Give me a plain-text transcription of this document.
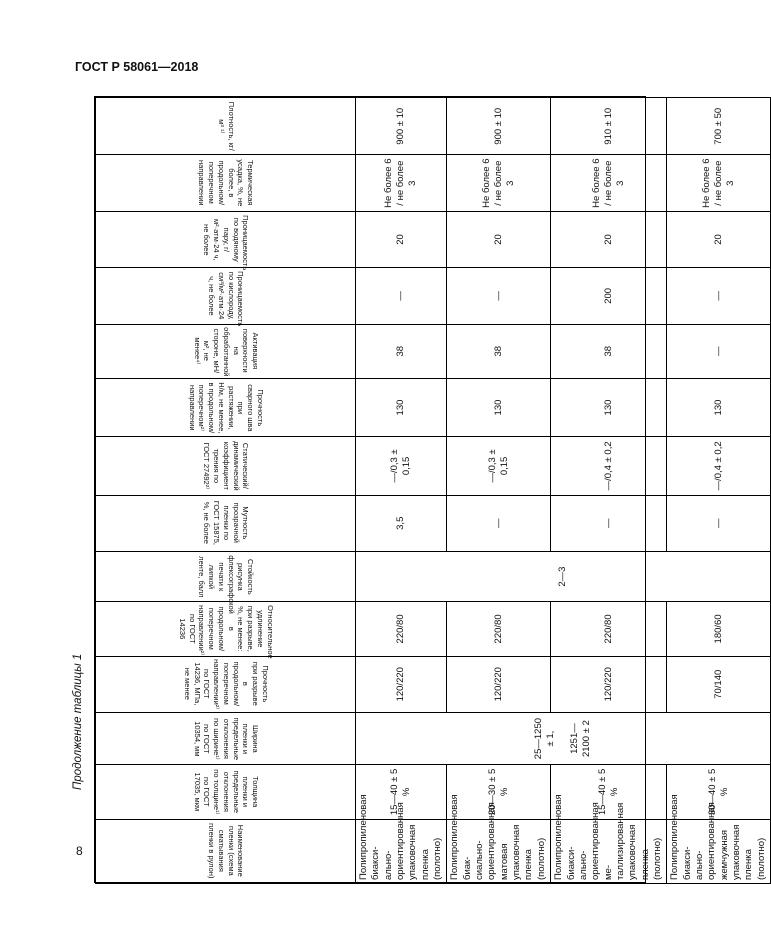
ГОСТ Р 58061—2018
Продолжение таблицы 1
8	Наименование пленки (схема сматывания пленки в рулон)	Толщина пленки и предельные отклонения по толщине¹⁾ по ГОСТ 17035, мкм	Ширина пленки и предельные отклонения по ширине¹⁾ по ГОСТ 10354, мм	Прочность при разрыве в продольном/поперечном направлении²⁾ по ГОСТ 14236, МПа, не менее	Относительное удлинение при разрыве, %, не менее: в продольном/поперечном направлении²⁾ по ГОСТ 14236	Стойкость рисунка флексографской печати к липкой ленте, балл	Мутность прозрачной пленки по ГОСТ 15875, %, не более	Статический/динамический коэффициент трения по ГОСТ 27492²⁾	Прочность сварного шва при растяжении, Н/м, не менее, в продольном/поперечном²⁾ направлении	Активация поверхности на обработанной стороне, мН/м², не менее⁴⁾	Проницаемость по кислороду, см³/м²·атм·24 ч, не более	Проницаемость по водяному пару, г/м²·атм·24 ч, не более	Термическая усадка, %, не более, в продольном/поперечном направлении	Плотность, кг/м³ ¹⁾
Полипропиленовая биаксиально-ориентированная упаковочная пленка (полотно)	15—40 ± 5 %	25—1250 ± 1, 1251—2100 ± 2	120/220	220/80	2—3	3,5	—/0,3 ± 0,15	130	38	—	20	Не более 6 / не более 3	900 ± 10
Полипропиленовая биаксиально-ориентированная матовая упаковочная пленка (полотно)	20—30 ± 5 %		120/220	220/80		—	—/0,3 ± 0,15	130	38	—	20	Не более 6 / не более 3	900 ± 10
Полипропиленовая биаксиально-ориентированная металлизированная упаковочная пленка (полотно)	15—40 ± 5 %		120/220	220/80		—	—/0,4 ± 0,2	130	38	200	20	Не более 6 / не более 3	910 ± 10
Полипропиленовая биаксиально-ориентированная жемчужная упаковочная пленка (полотно)	30—40 ± 5 %		70/140	180/60		—	—/0,4 ± 0,2	130	—	—	20	Не более 6 / не более 3	700 ± 50
